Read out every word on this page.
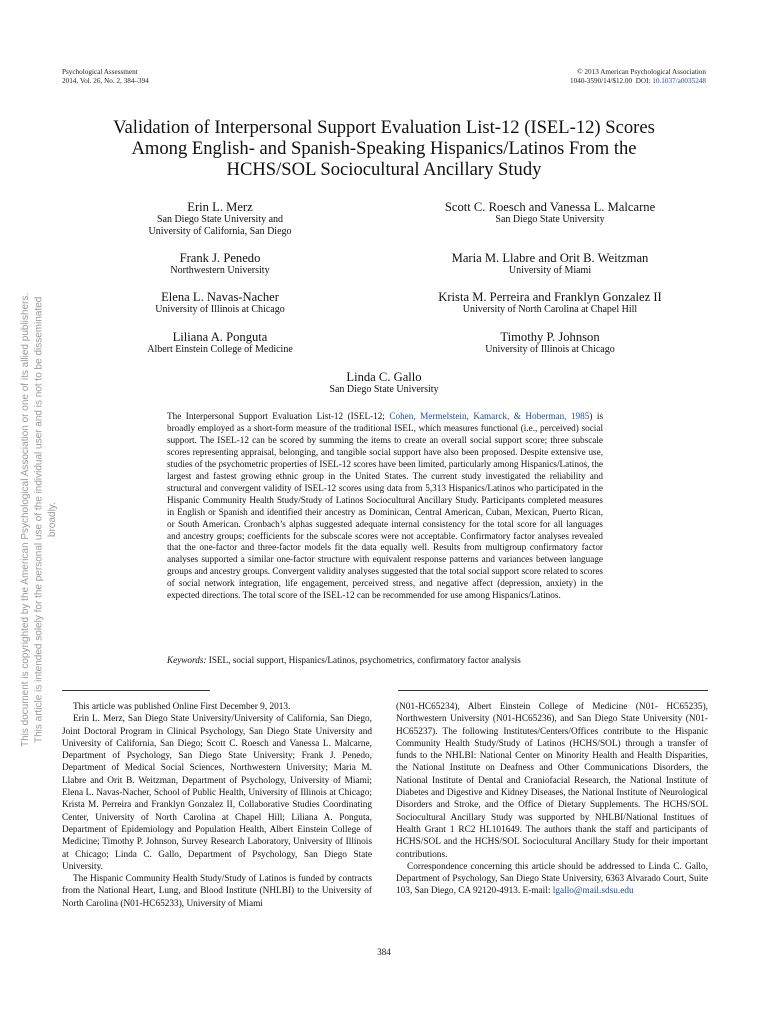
Psychological Assessment
2014, Vol. 26, No. 2, 384–394
© 2013 American Psychological Association
1040-3590/14/$12.00 DOI: 10.1037/a0035248
Validation of Interpersonal Support Evaluation List-12 (ISEL-12) Scores
Among English- and Spanish-Speaking Hispanics/Latinos From the
HCHS/SOL Sociocultural Ancillary Study
Erin L. Merz
San Diego State University and
University of California, San Diego
Scott C. Roesch and Vanessa L. Malcarne
San Diego State University
Frank J. Penedo
Northwestern University
Maria M. Llabre and Orit B. Weitzman
University of Miami
Elena L. Navas-Nacher
University of Illinois at Chicago
Krista M. Perreira and Franklyn Gonzalez II
University of North Carolina at Chapel Hill
Liliana A. Ponguta
Albert Einstein College of Medicine
Timothy P. Johnson
University of Illinois at Chicago
Linda C. Gallo
San Diego State University
The Interpersonal Support Evaluation List-12 (ISEL-12; Cohen, Mermelstein, Kamarck, & Hoberman, 1985) is broadly employed as a short-form measure of the traditional ISEL, which measures functional (i.e., perceived) social support. The ISEL-12 can be scored by summing the items to create an overall social support score; three subscale scores representing appraisal, belonging, and tangible social support have also been proposed. Despite extensive use, studies of the psychometric properties of ISEL-12 scores have been limited, particularly among Hispanics/Latinos, the largest and fastest growing ethnic group in the United States. The current study investigated the reliability and structural and convergent validity of ISEL-12 scores using data from 5,313 Hispanics/Latinos who participated in the Hispanic Community Health Study/Study of Latinos Sociocultural Ancillary Study. Participants completed measures in English or Spanish and identified their ancestry as Dominican, Central American, Cuban, Mexican, Puerto Rican, or South American. Cronbach’s alphas suggested adequate internal consistency for the total score for all languages and ancestry groups; coefficients for the subscale scores were not acceptable. Confirmatory factor analyses revealed that the one-factor and three-factor models fit the data equally well. Results from multigroup confirmatory factor analyses supported a similar one-factor structure with equivalent response patterns and variances between language groups and ancestry groups. Convergent validity analyses suggested that the total social support score related to scores of social network integration, life engagement, perceived stress, and negative affect (depression, anxiety) in the expected directions. The total score of the ISEL-12 can be recommended for use among Hispanics/Latinos.
Keywords: ISEL, social support, Hispanics/Latinos, psychometrics, confirmatory factor analysis

This article was published Online First December 9, 2013.

Erin L. Merz, San Diego State University/University of California, San Diego, Joint Doctoral Program in Clinical Psychology, San Diego State University and University of California, San Diego; Scott C. Roesch and Vanessa L. Malcarne, Department of Psychology, San Diego State University; Frank J. Penedo, Department of Medical Social Sciences, Northwestern University; Maria M. Llabre and Orit B. Weitzman, Department of Psychology, University of Miami; Elena L. Navas-Nacher, School of Public Health, University of Illinois at Chicago; Krista M. Perreira and Franklyn Gonzalez II, Collaborative Studies Coordinating Center, University of North Carolina at Chapel Hill; Liliana A. Ponguta, Department of Epidemiology and Population Health, Albert Einstein College of Medicine; Timothy P. Johnson, Survey Research Laboratory, University of Illinois at Chicago; Linda C. Gallo, Department of Psychology, San Diego State University.

The Hispanic Community Health Study/Study of Latinos is funded by contracts from the National Heart, Lung, and Blood Institute (NHLBI) to the University of North Carolina (N01-HC65233), University of Miami

(N01-HC65234), Albert Einstein College of Medicine (N01- HC65235), Northwestern University (N01-HC65236), and San Diego State University (N01-HC65237). The following Institutes/Centers/Offices contribute to the Hispanic Community Health Study/Study of Latinos (HCHS/SOL) through a transfer of funds to the NHLBI: National Center on Minority Health and Health Disparities, the National Institute on Deafness and Other Communications Disorders, the National Institute of Dental and Craniofacial Research, the National Institute of Diabetes and Digestive and Kidney Diseases, the National Institute of Neurological Disorders and Stroke, and the Office of Dietary Supplements. The HCHS/SOL Sociocultural Ancillary Study was supported by NHLBI/National Institues of Health Grant 1 RC2 HL101649. The authors thank the staff and participants of HCHS/SOL and the HCHS/SOL Sociocultural Ancillary Study for their important contributions.

Correspondence concerning this article should be addressed to Linda C. Gallo, Department of Psychology, San Diego State University, 6363 Alvarado Court, Suite 103, San Diego, CA 92120-4913. E-mail: lgallo@mail.sdsu.edu

384
This document is copyrighted by the American Psychological Association or one of its allied publishers. This article is intended solely for the personal use of the individual user and is not to be disseminated broadly.
